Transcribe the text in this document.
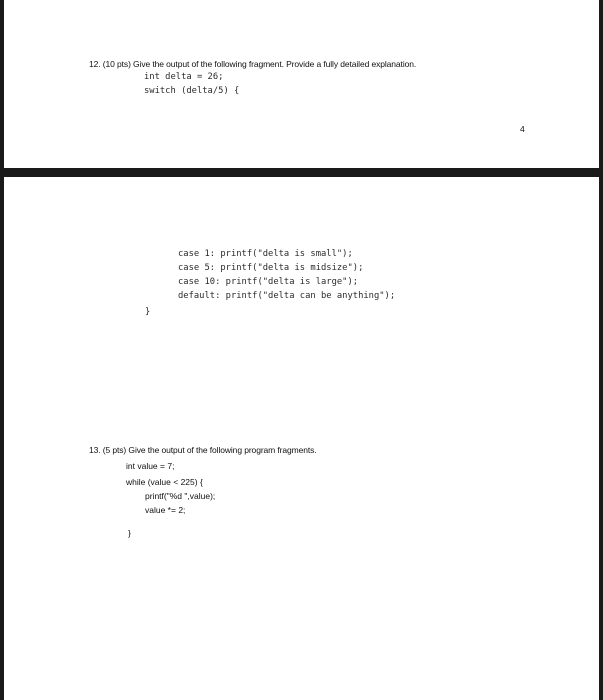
12. (10 pts) Give the output of the following fragment. Provide a fully detailed explanation.
int delta = 26;
switch (delta/5) {
4
case 1: printf("delta is small");
case 5: printf("delta is midsize");
case 10: printf("delta is large");
default: printf("delta can be anything");
}
13. (5 pts) Give the output of the following program fragments.
int value = 7;
while (value < 225) {
printf("%d ",value);
value *= 2;
}
